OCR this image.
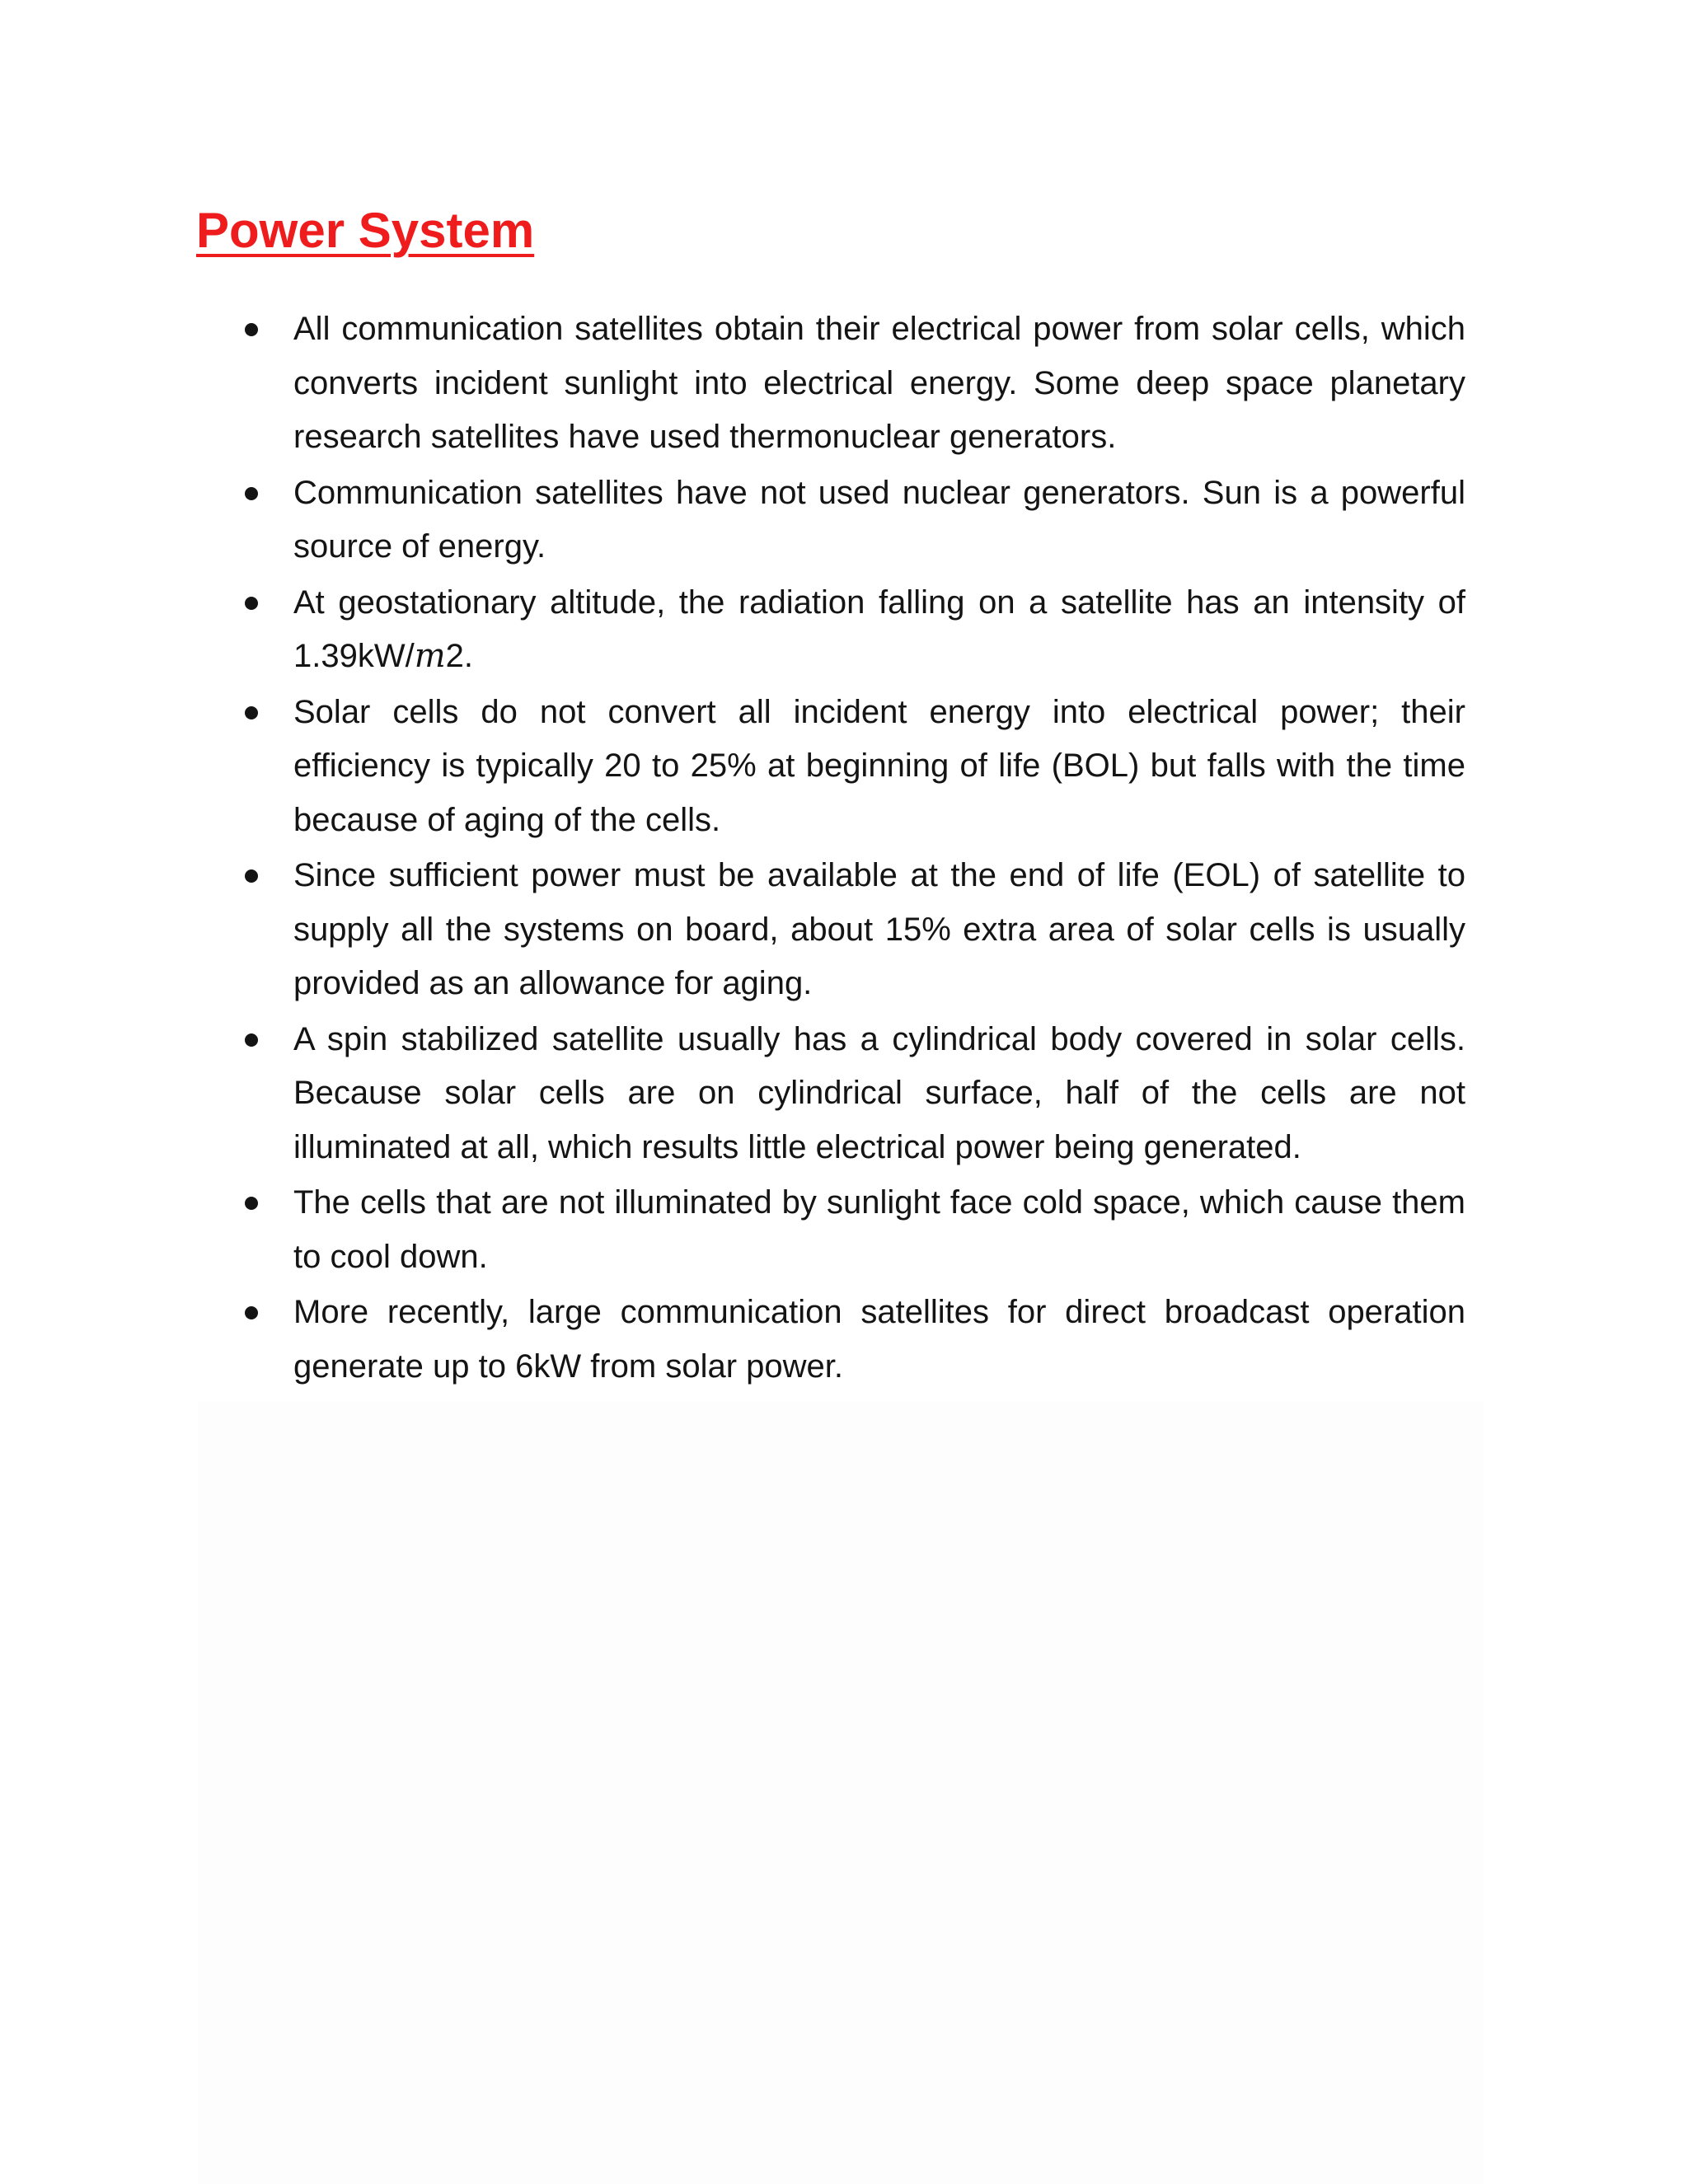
Power System
All communication satellites obtain their electrical power from solar cells, which converts incident sunlight into electrical energy. Some deep space planetary research satellites have used thermonuclear generators.
Communication satellites have not used nuclear generators. Sun is a powerful source of energy.
At geostationary altitude, the radiation falling on a satellite has an intensity of 1.39kW/m2.
Solar cells do not convert all incident energy into electrical power; their efficiency is typically 20 to 25% at beginning of life (BOL) but falls with the time because of aging of the cells.
Since sufficient power must be available at the end of life (EOL) of satellite to supply all the systems on board, about 15% extra area of solar cells is usually provided as an allowance for aging.
A spin stabilized satellite usually has a cylindrical body covered in solar cells. Because solar cells are on cylindrical surface, half of the cells are not illuminated at all, which results little electrical power being generated.
The cells that are not illuminated by sunlight face cold space, which cause them to cool down.
More recently, large communication satellites for direct broadcast operation generate up to 6kW from solar power.
